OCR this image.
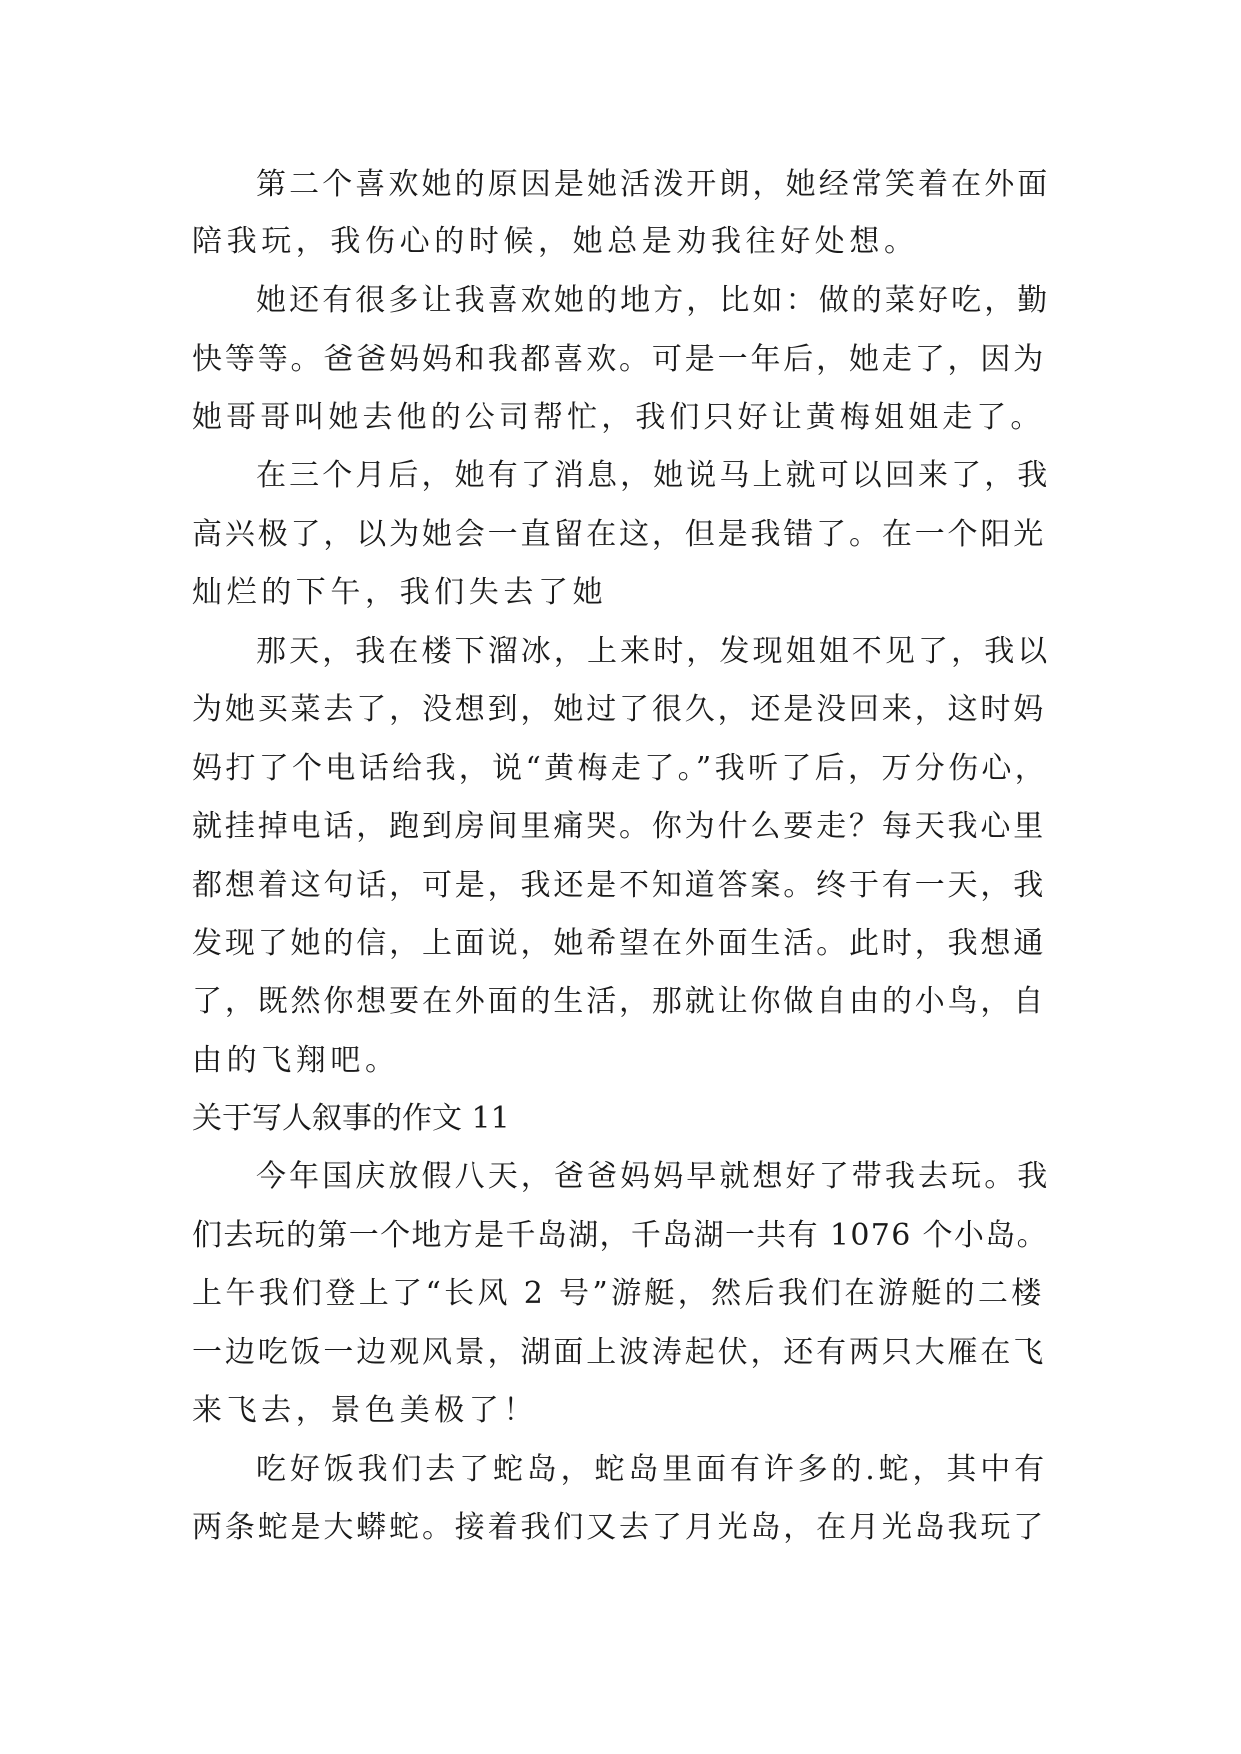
第二个喜欢她的原因是她活泼开朗，她经常笑着在外面
陪我玩，我伤心的时候，她总是劝我往好处想。
她还有很多让我喜欢她的地方，比如：做的菜好吃，勤
快等等。爸爸妈妈和我都喜欢。可是一年后，她走了，因为
她哥哥叫她去他的公司帮忙，我们只好让黄梅姐姐走了。
在三个月后，她有了消息，她说马上就可以回来了，我
高兴极了，以为她会一直留在这，但是我错了。在一个阳光
灿烂的下午，我们失去了她
那天，我在楼下溜冰，上来时，发现姐姐不见了，我以
为她买菜去了，没想到，她过了很久，还是没回来，这时妈
妈打了个电话给我，说“黄梅走了。”我听了后，万分伤心，
就挂掉电话，跑到房间里痛哭。你为什么要走？每天我心里
都想着这句话，可是，我还是不知道答案。终于有一天，我
发现了她的信，上面说，她希望在外面生活。此时，我想通
了，既然你想要在外面的生活，那就让你做自由的小鸟，自
由的飞翔吧。
关于写人叙事的作文 11
今年国庆放假八天，爸爸妈妈早就想好了带我去玩。我
们去玩的第一个地方是千岛湖，千岛湖一共有 1076 个小岛。
上午我们登上了“长风 2 号”游艇，然后我们在游艇的二楼
一边吃饭一边观风景，湖面上波涛起伏，还有两只大雁在飞
来飞去，景色美极了！
吃好饭我们去了蛇岛，蛇岛里面有许多的.蛇，其中有
两条蛇是大蟒蛇。接着我们又去了月光岛，在月光岛我玩了
